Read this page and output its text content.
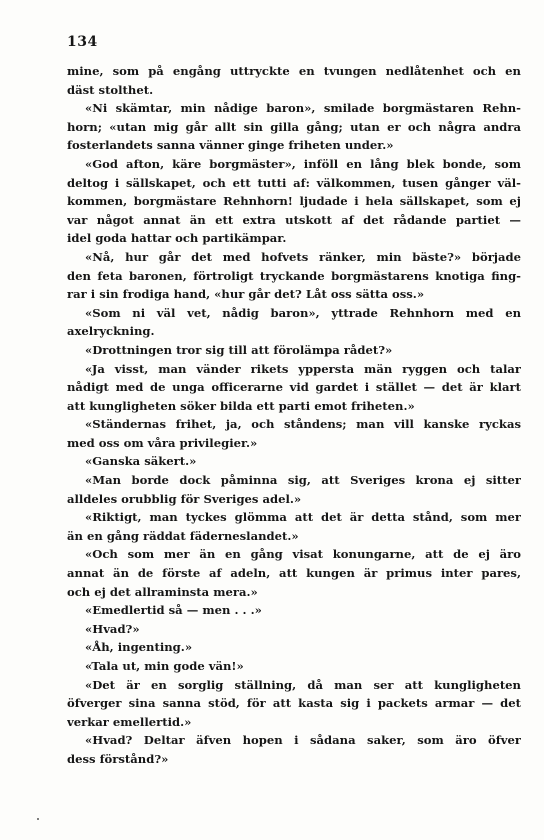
134
mine, som på engång uttryckte en tvungen nedlåtenhet och en
däst stolthet.
«Ni skämtar, min nådige baron», smilade borgmästaren Rehn-
horn; «utan mig går allt sin gilla gång; utan er och några andra
fosterlandets sanna vänner ginge friheten under.»
«God afton, käre borgmäster», inföll en lång blek bonde, som
deltog i sällskapet, och ett tutti af: välkommen, tusen gånger väl-
kommen, borgmästare Rehnhorn! ljudade i hela sällskapet, som ej
var något annat än ett extra utskott af det rådande partiet —
idel goda hattar och partikämpar.
«Nå, hur går det med hofvets ränker, min bäste?» började
den feta baronen, förtroligt tryckande borgmästarens knotiga fing-
rar i sin frodiga hand, «hur går det? Låt oss sätta oss.»
«Som ni väl vet, nådig baron», yttrade Rehnhorn med en
axelryckning.
«Drottningen tror sig till att förolämpa rådet?»
«Ja visst, man vänder rikets yppersta män ryggen och talar
nådigt med de unga officerarne vid gardet i stället — det är klart
att kungligheten söker bilda ett parti emot friheten.»
«Ständernas frihet, ja, och ståndens; man vill kanske ryckas
med oss om våra privilegier.»
«Ganska säkert.»
«Man borde dock påminna sig, att Sveriges krona ej sitter
alldeles orubblig för Sveriges adel.»
«Riktigt, man tyckes glömma att det är detta stånd, som mer
än en gång räddat fäderneslandet.»
«Och som mer än en gång visat konungarne, att de ej äro
annat än de förste af adeln, att kungen är primus inter pares,
och ej det allraminsta mera.»
«Emedlertid så — men . . .»
«Hvad?»
«Åh, ingenting.»
«Tala ut, min gode vän!»
«Det är en sorglig ställning, då man ser att kungligheten
öfverger sina sanna stöd, för att kasta sig i packets armar — det
verkar emellertid.»
«Hvad? Deltar äfven hopen i sådana saker, som äro öfver
dess förstånd?»
